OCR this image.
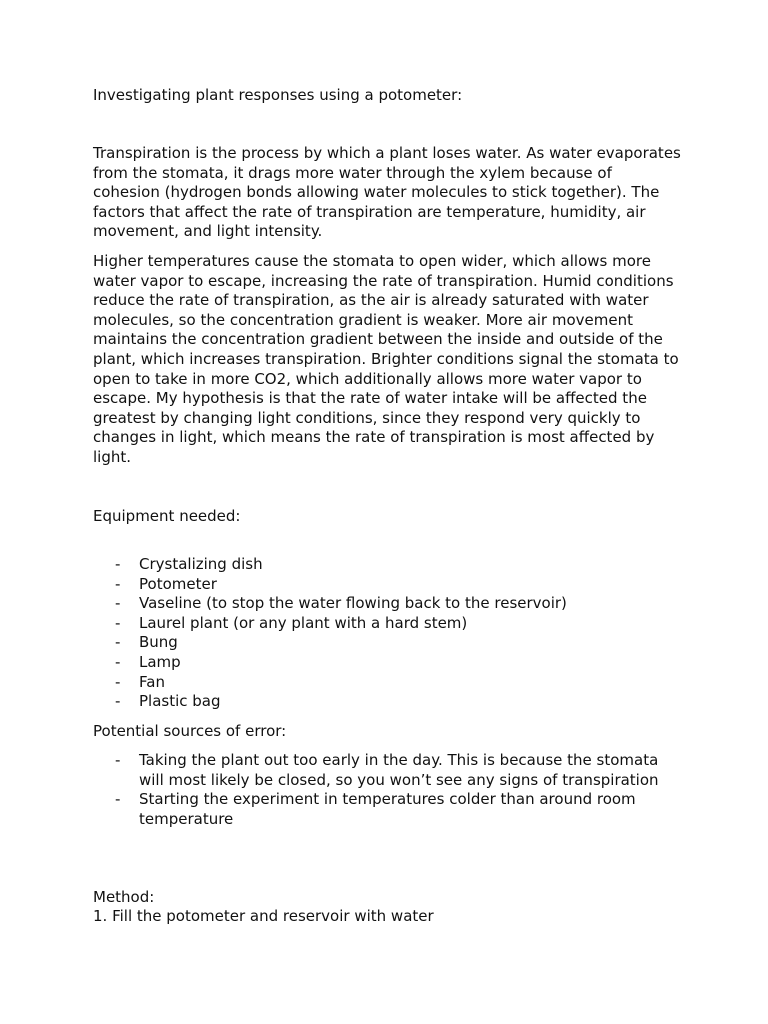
Investigating plant responses using a potometer:

Transpiration is the process by which a plant loses water. As water evaporates from the stomata, it drags more water through the xylem because of cohesion (hydrogen bonds allowing water molecules to stick together). The factors that affect the rate of transpiration are temperature, humidity, air movement, and light intensity.

Higher temperatures cause the stomata to open wider, which allows more water vapor to escape, increasing the rate of transpiration. Humid conditions reduce the rate of transpiration, as the air is already saturated with water molecules, so the concentration gradient is weaker. More air movement maintains the concentration gradient between the inside and outside of the plant, which increases transpiration. Brighter conditions signal the stomata to open to take in more CO2, which additionally allows more water vapor to escape. My hypothesis is that the rate of water intake will be affected the greatest by changing light conditions, since they respond very quickly to changes in light, which means the rate of transpiration is most affected by light.

Equipment needed:
- Crystalizing dish
- Potometer
- Vaseline (to stop the water flowing back to the reservoir)
- Laurel plant (or any plant with a hard stem)
- Bung
- Lamp
- Fan
- Plastic bag
Potential sources of error:
- Taking the plant out too early in the day. This is because the stomata will most likely be closed, so you won’t see any signs of transpiration
- Starting the experiment in temperatures colder than around room temperature
Method:
1. Fill the potometer and reservoir with water
